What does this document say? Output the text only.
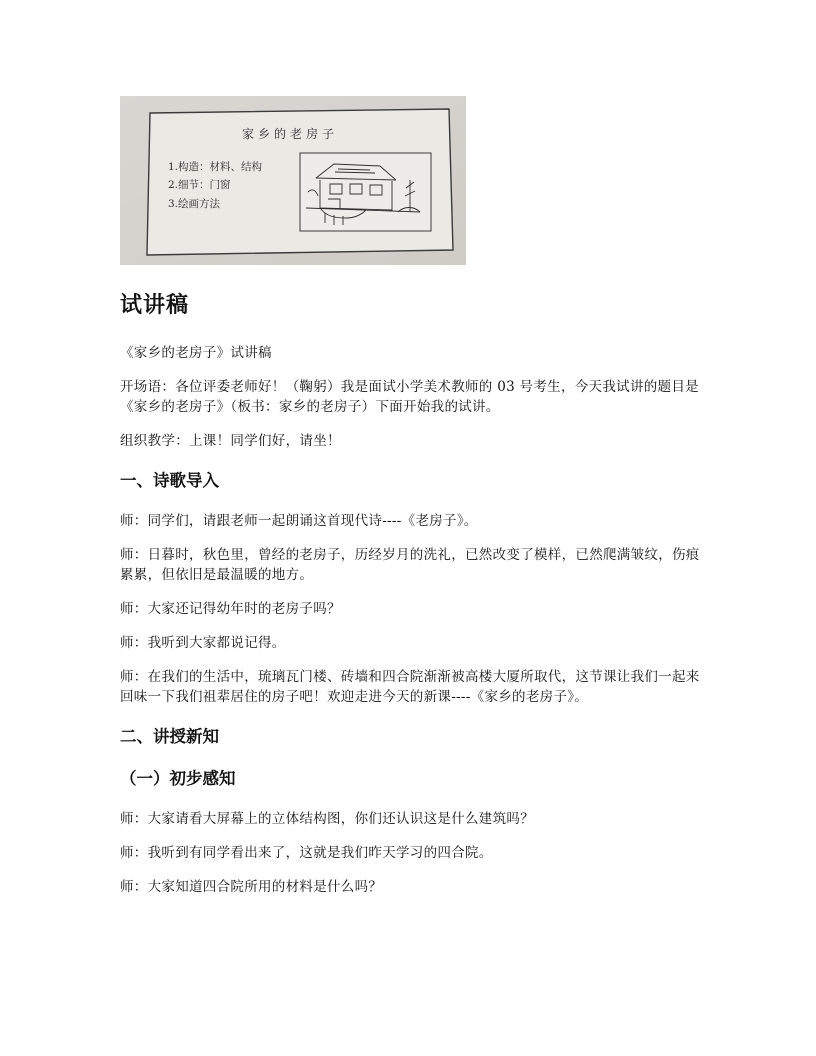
家乡的老房子
1.构造：材料、结构
2.细节：门窗
3.绘画方法
试讲稿

《家乡的老房子》试讲稿

开场语：各位评委老师好！（鞠躬）我是面试小学美术教师的 03 号考生，今天我试讲的题目是《家乡的老房子》（板书：家乡的老房子）下面开始我的试讲。

组织教学：上课！同学们好，请坐！

一、诗歌导入

师：同学们，请跟老师一起朗诵这首现代诗----《老房子》。

师：日暮时，秋色里，曾经的老房子，历经岁月的洗礼，已然改变了模样，已然爬满皱纹，伤痕累累，但依旧是最温暖的地方。

师：大家还记得幼年时的老房子吗？

师：我听到大家都说记得。

师：在我们的生活中，琉璃瓦门楼、砖墙和四合院渐渐被高楼大厦所取代，这节课让我们一起来回味一下我们祖辈居住的房子吧！欢迎走进今天的新课----《家乡的老房子》。

二、讲授新知
（一）初步感知

师：大家请看大屏幕上的立体结构图，你们还认识这是什么建筑吗？

师：我听到有同学看出来了，这就是我们昨天学习的四合院。

师：大家知道四合院所用的材料是什么吗？
